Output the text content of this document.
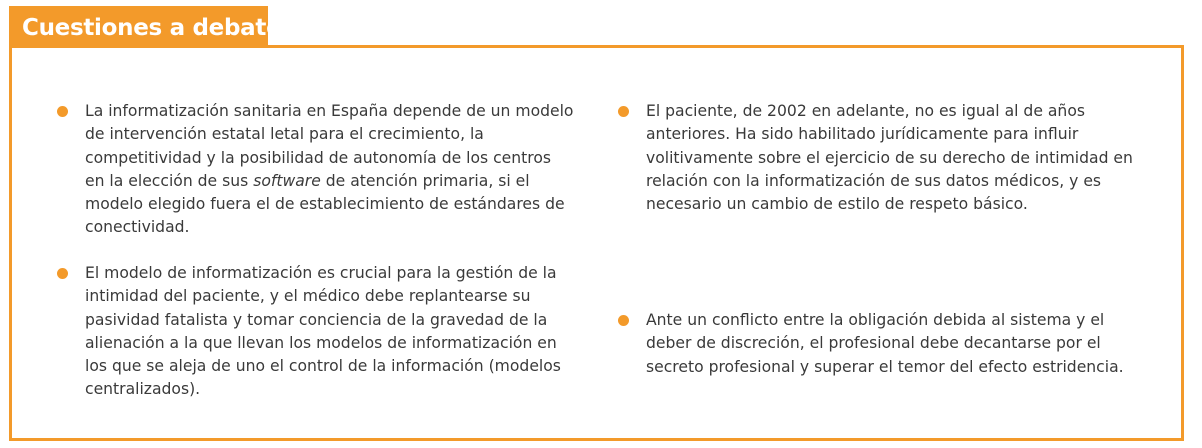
Cuestiones a debate
La informatización sanitaria en España depende de un modelo de intervención estatal letal para el crecimiento, la competitividad y la posibilidad de autonomía de los centros en la elección de sus software de atención primaria, si el modelo elegido fuera el de establecimiento de estándares de conectividad.
El modelo de informatización es crucial para la gestión de la intimidad del paciente, y el médico debe replantearse su pasividad fatalista y tomar conciencia de la gravedad de la alienación a la que llevan los modelos de informatización en los que se aleja de uno el control de la información (modelos centralizados).
El paciente, de 2002 en adelante, no es igual al de años anteriores. Ha sido habilitado jurídicamente para influir volitivamente sobre el ejercicio de su derecho de intimidad en relación con la informatización de sus datos médicos, y es necesario un cambio de estilo de respeto básico.
Ante un conflicto entre la obligación debida al sistema y el deber de discreción, el profesional debe decantarse por el secreto profesional y superar el temor del efecto estridencia.
